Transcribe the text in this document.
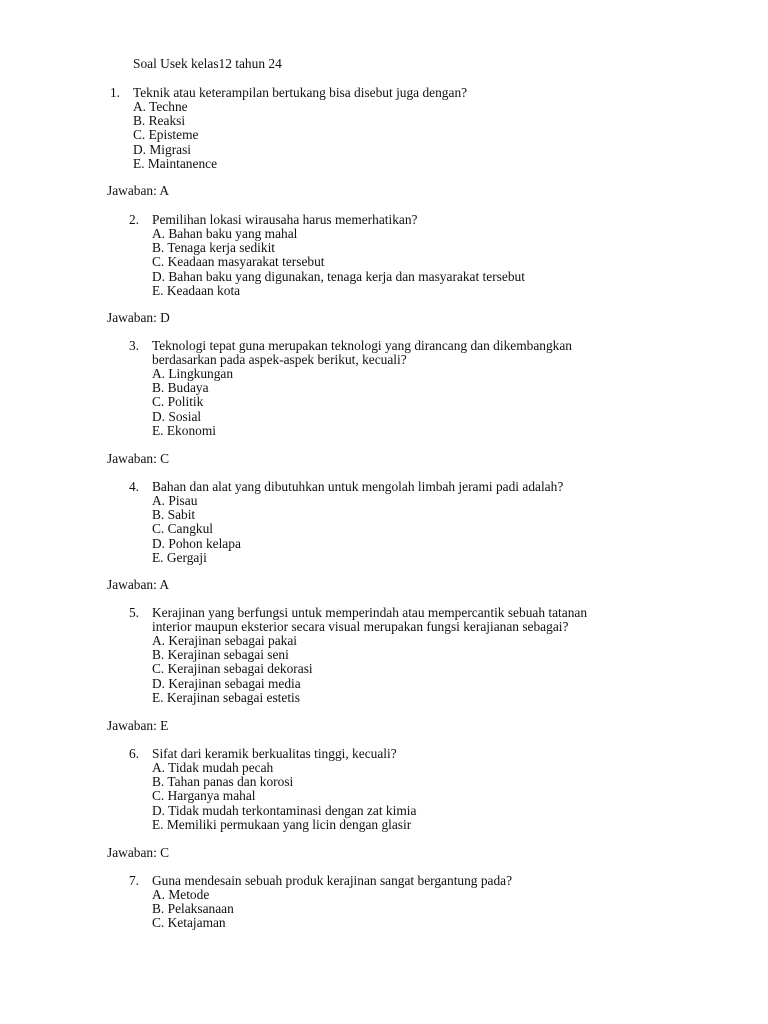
Soal Usek kelas12 tahun 24
1. Teknik atau keterampilan bertukang bisa disebut juga dengan?
A. Techne
B. Reaksi
C. Episteme
D. Migrasi
E. Maintanence
Jawaban: A
2. Pemilihan lokasi wirausaha harus memerhatikan?
A. Bahan baku yang mahal
B. Tenaga kerja sedikit
C. Keadaan masyarakat tersebut
D. Bahan baku yang digunakan, tenaga kerja dan masyarakat tersebut
E. Keadaan kota
Jawaban: D
3. Teknologi tepat guna merupakan teknologi yang dirancang dan dikembangkan
berdasarkan pada aspek-aspek berikut, kecuali?
A. Lingkungan
B. Budaya
C. Politik
D. Sosial
E. Ekonomi
Jawaban: C
4. Bahan dan alat yang dibutuhkan untuk mengolah limbah jerami padi adalah?
A. Pisau
B. Sabit
C. Cangkul
D. Pohon kelapa
E. Gergaji
Jawaban: A
5. Kerajinan yang berfungsi untuk memperindah atau mempercantik sebuah tatanan
interior maupun eksterior secara visual merupakan fungsi kerajianan sebagai?
A. Kerajinan sebagai pakai
B. Kerajinan sebagai seni
C. Kerajinan sebagai dekorasi
D. Kerajinan sebagai media
E. Kerajinan sebagai estetis
Jawaban: E
6. Sifat dari keramik berkualitas tinggi, kecuali?
A. Tidak mudah pecah
B. Tahan panas dan korosi
C. Harganya mahal
D. Tidak mudah terkontaminasi dengan zat kimia
E. Memiliki permukaan yang licin dengan glasir
Jawaban: C
7. Guna mendesain sebuah produk kerajinan sangat bergantung pada?
A. Metode
B. Pelaksanaan
C. Ketajaman
